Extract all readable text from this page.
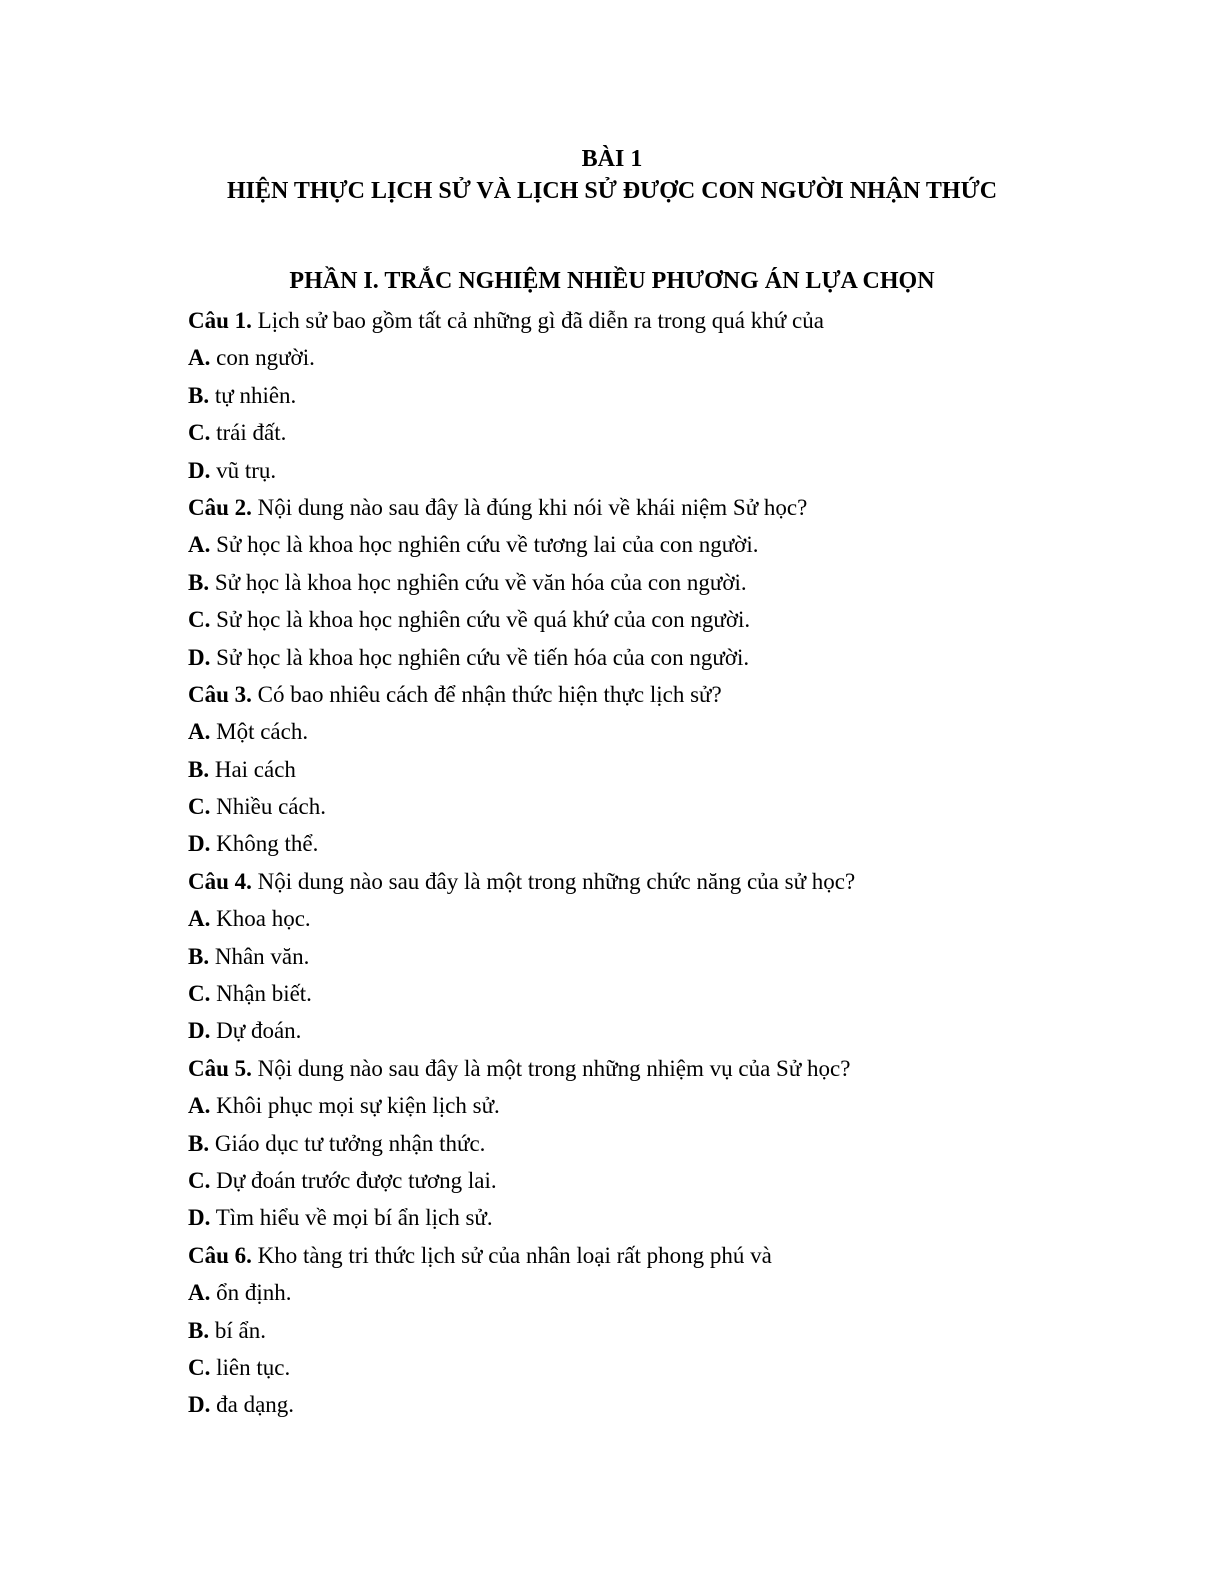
BÀI 1
HIỆN THỰC LỊCH SỬ VÀ LỊCH SỬ ĐƯỢC CON NGƯỜI NHẬN THỨC
PHẦN I. TRẮC NGHIỆM NHIỀU PHƯƠNG ÁN LỰA CHỌN
Câu 1. Lịch sử bao gồm tất cả những gì đã diễn ra trong quá khứ của
A. con người.
B. tự nhiên.
C. trái đất.
D. vũ trụ.
Câu 2. Nội dung nào sau đây là đúng khi nói về khái niệm Sử học?
A. Sử học là khoa học nghiên cứu về tương lai của con người.
B. Sử học là khoa học nghiên cứu về văn hóa của con người.
C. Sử học là khoa học nghiên cứu về quá khứ của con người.
D. Sử học là khoa học nghiên cứu về tiến hóa của con người.
Câu 3. Có bao nhiêu cách để nhận thức hiện thực lịch sử?
A. Một cách.
B. Hai cách
C. Nhiều cách.
D. Không thể.
Câu 4. Nội dung nào sau đây là một trong những chức năng của sử học?
A. Khoa học.
B. Nhân văn.
C. Nhận biết.
D. Dự đoán.
Câu 5. Nội dung nào sau đây là một trong những nhiệm vụ của Sử học?
A. Khôi phục mọi sự kiện lịch sử.
B. Giáo dục tư tưởng nhận thức.
C. Dự đoán trước được tương lai.
D. Tìm hiểu về mọi bí ẩn lịch sử.
Câu 6. Kho tàng tri thức lịch sử của nhân loại rất phong phú và
A. ổn định.
B. bí ẩn.
C. liên tục.
D. đa dạng.
